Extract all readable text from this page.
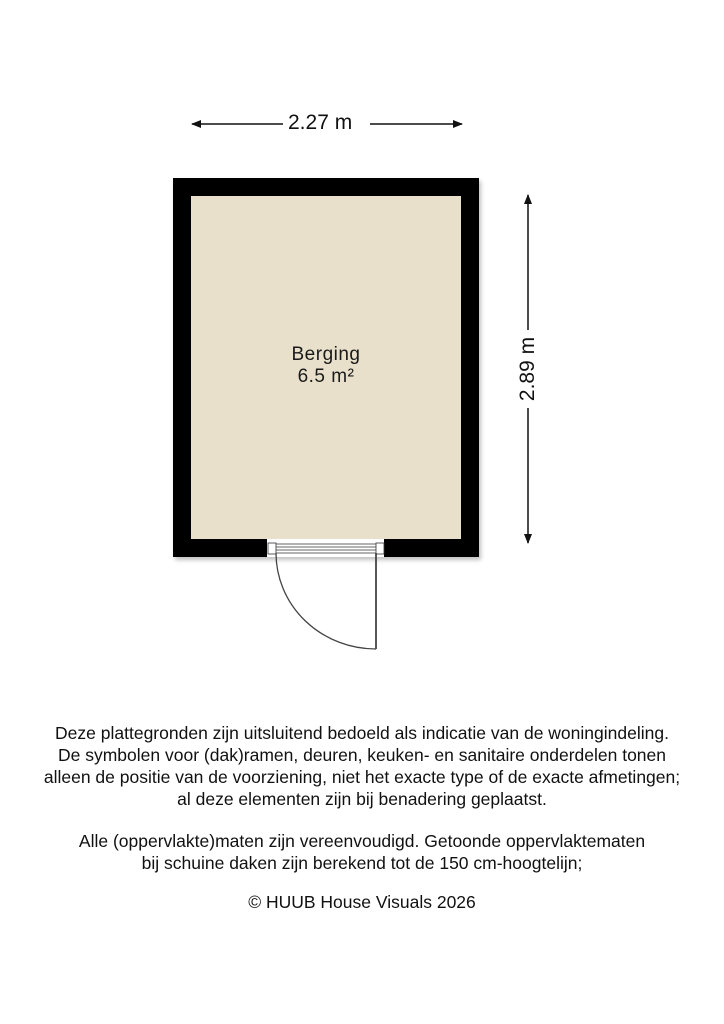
2.27 m
2.89 m
Berging
6.5 m²

Deze plattegronden zijn uitsluitend bedoeld als indicatie van de woningindeling.

De symbolen voor (dak)ramen, deuren, keuken- en sanitaire onderdelen tonen

alleen de positie van de voorziening, niet het exacte type of de exacte afmetingen;

al deze elementen zijn bij benadering geplaatst.

Alle (oppervlakte)maten zijn vereenvoudigd. Getoonde oppervlaktematen

bij schuine daken zijn berekend tot de 150 cm-hoogtelijn;

© HUUB House Visuals 2026
